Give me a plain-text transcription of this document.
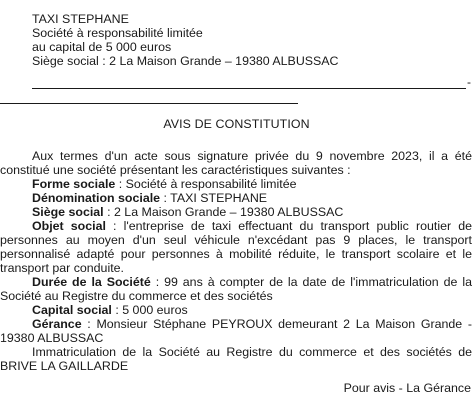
TAXI STEPHANE
Société à responsabilité limitée
au capital de 5 000 euros
Siège social : 2 La Maison Grande – 19380 ALBUSSAC
-
AVIS DE CONSTITUTION

Aux termes d'un acte sous signature privée du 9 novembre 2023, il a été constitué une société présentant les caractéristiques suivantes :

Forme sociale : Société à responsabilité limitée

Dénomination sociale : TAXI STEPHANE

Siège social : 2 La Maison Grande – 19380 ALBUSSAC

Objet social : l'entreprise de taxi effectuant du transport public routier de personnes au moyen d'un seul véhicule n'excédant pas 9 places, le transport personnalisé adapté pour personnes à mobilité réduite, le transport scolaire et le transport par conduite.

Durée de la Société : 99 ans à compter de la date de l'immatriculation de la Société au Registre du commerce et des sociétés

Capital social : 5 000 euros

Gérance : Monsieur Stéphane PEYROUX demeurant 2 La Maison Grande - 19380 ALBUSSAC

Immatriculation de la Société au Registre du commerce et des sociétés de BRIVE LA GAILLARDE

Pour avis - La Gérance
